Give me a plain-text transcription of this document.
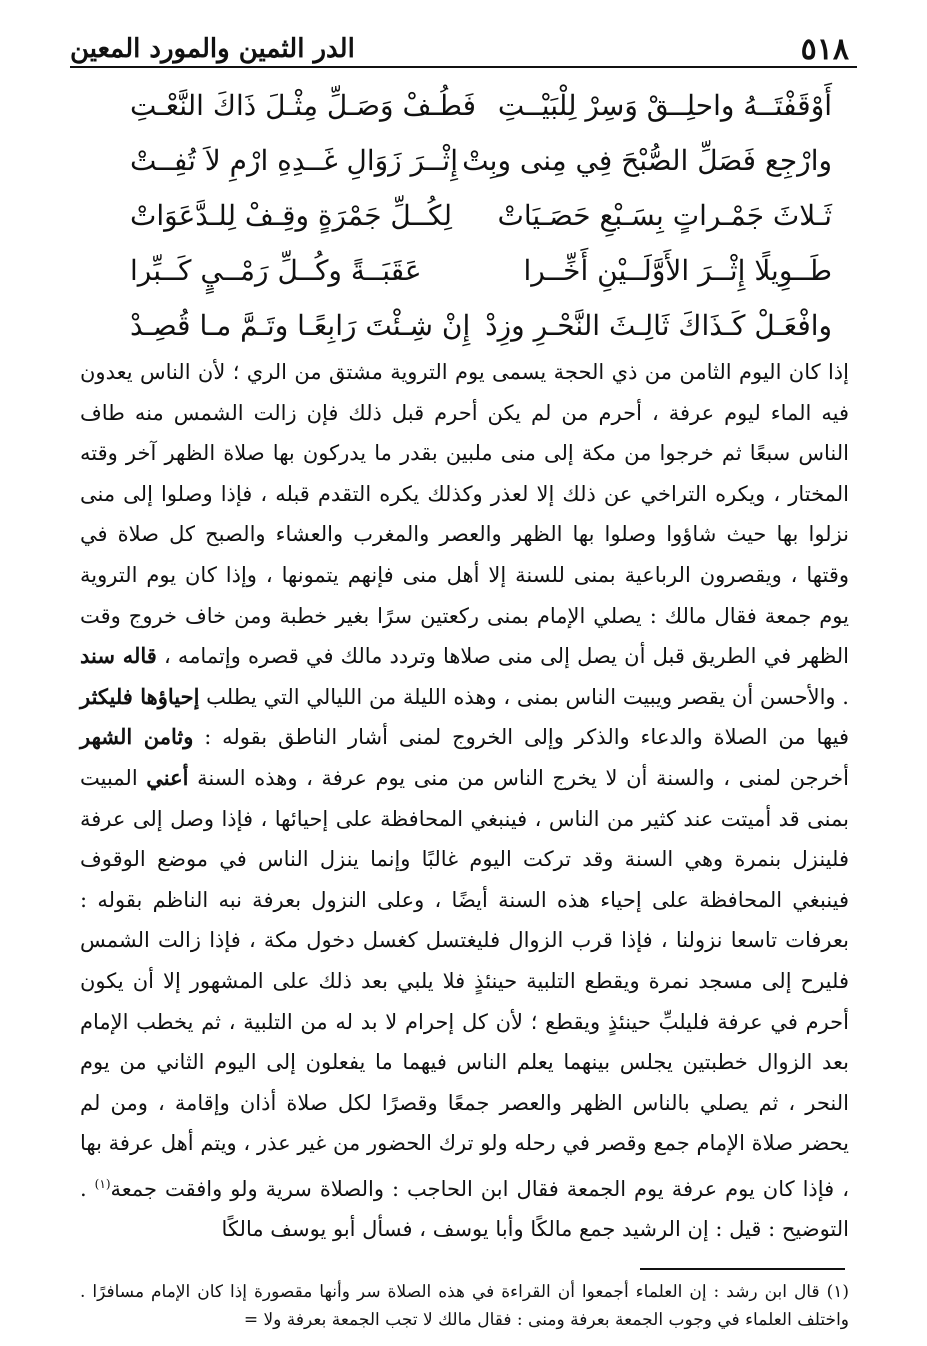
٥١٨
الدر الثمين والمورد المعين
أَوْقَفْتَــهُ واحلِــقْ وَسِرْ لِلْبَيْــتِ
فَطُـفْ وَصَـلِّ مِثْـلَ ذَاكَ النَّعْـتِ
وارْجِع فَصَلِّ الصُّبْحَ فِي مِنى وبِتْ
إِثْــرَ زَوَالِ غَــدِهِ ارْمِ لاَ تُفِــتْ
ثَـلاثَ جَمْـراتٍ بِسَـبْعِ حَصَـيَاتْ
لِكُــلِّ جَمْرَةٍ وقِـفْ لِلـدَّعَوَاتْ
طَــوِيلًا إِثْــرَ الأَوَّلَــيْنِ أَخِّــرا
عَقَبَــةً وكُــلِّ رَمْــيٍ كَــبِّرا
وافْعَـلْ كَـذَاكَ ثَالِـثَ النَّحْـرِ وزِدْ
إِنْ شِـئْتَ رَابِعًـا وتَـمَّ مـا قُصِـدْ
إذا كان اليوم الثامن من ذي الحجة يسمى يوم التروية مشتق من الري ؛ لأن الناس يعدون فيه الماء ليوم عرفة ، أحرم من لم يكن أحرم قبل ذلك فإن زالت الشمس منه طاف الناس سبعًا ثم خرجوا من مكة إلى منى ملبين بقدر ما يدركون بها صلاة الظهر آخر وقته المختار ، ويكره التراخي عن ذلك إلا لعذر وكذلك يكره التقدم قبله ، فإذا وصلوا إلى منى نزلوا بها حيث شاؤوا وصلوا بها الظهر والعصر والمغرب والعشاء والصبح كل صلاة في وقتها ، ويقصرون الرباعية بمنى للسنة إلا أهل منى فإنهم يتمونها ، وإذا كان يوم التروية يوم جمعة فقال مالك : يصلي الإمام بمنى ركعتين سرًا بغير خطبة ومن خاف خروج وقت الظهر في الطريق قبل أن يصل إلى منى صلاها وتردد مالك في قصره وإتمامه ، قاله سند . والأحسن أن يقصر ويبيت الناس بمنى ، وهذه الليلة من الليالي التي يطلب إحياؤها فليكثر فيها من الصلاة والدعاء والذكر وإلى الخروج لمنى أشار الناطق بقوله : وثامن الشهر أخرجن لمنى ، والسنة أن لا يخرج الناس من منى يوم عرفة ، وهذه السنة أعني المبيت بمنى قد أميتت عند كثير من الناس ، فينبغي المحافظة على إحيائها ، فإذا وصل إلى عرفة فلينزل بنمرة وهي السنة وقد تركت اليوم غالبًا وإنما ينزل الناس في موضع الوقوف فينبغي المحافظة على إحياء هذه السنة أيضًا ، وعلى النزول بعرفة نبه الناظم بقوله : بعرفات تاسعا نزولنا ، فإذا قرب الزوال فليغتسل كغسل دخول مكة ، فإذا زالت الشمس فليرح إلى مسجد نمرة ويقطع التلبية حينئذٍ فلا يلبي بعد ذلك على المشهور إلا أن يكون أحرم في عرفة فليلبِّ حينئذٍ ويقطع ؛ لأن كل إحرام لا بد له من التلبية ، ثم يخطب الإمام بعد الزوال خطبتين يجلس بينهما يعلم الناس فيهما ما يفعلون إلى اليوم الثاني من يوم النحر ، ثم يصلي بالناس الظهر والعصر جمعًا وقصرًا لكل صلاة أذان وإقامة ، ومن لم يحضر صلاة الإمام جمع وقصر في رحله ولو ترك الحضور من غير عذر ، ويتم أهل عرفة بها ، فإذا كان يوم عرفة يوم الجمعة فقال ابن الحاجب : والصلاة سرية ولو وافقت جمعة$^{(١)}$ . التوضيح : قيل : إن الرشيد جمع مالكًا وأبا يوسف ، فسأل أبو يوسف مالكًا
(١) قال ابن رشد : إن العلماء أجمعوا أن القراءة في هذه الصلاة سر وأنها مقصورة إذا كان الإمام مسافرًا . واختلف العلماء في وجوب الجمعة بعرفة ومنى : فقال مالك لا تجب الجمعة بعرفة ولا =
